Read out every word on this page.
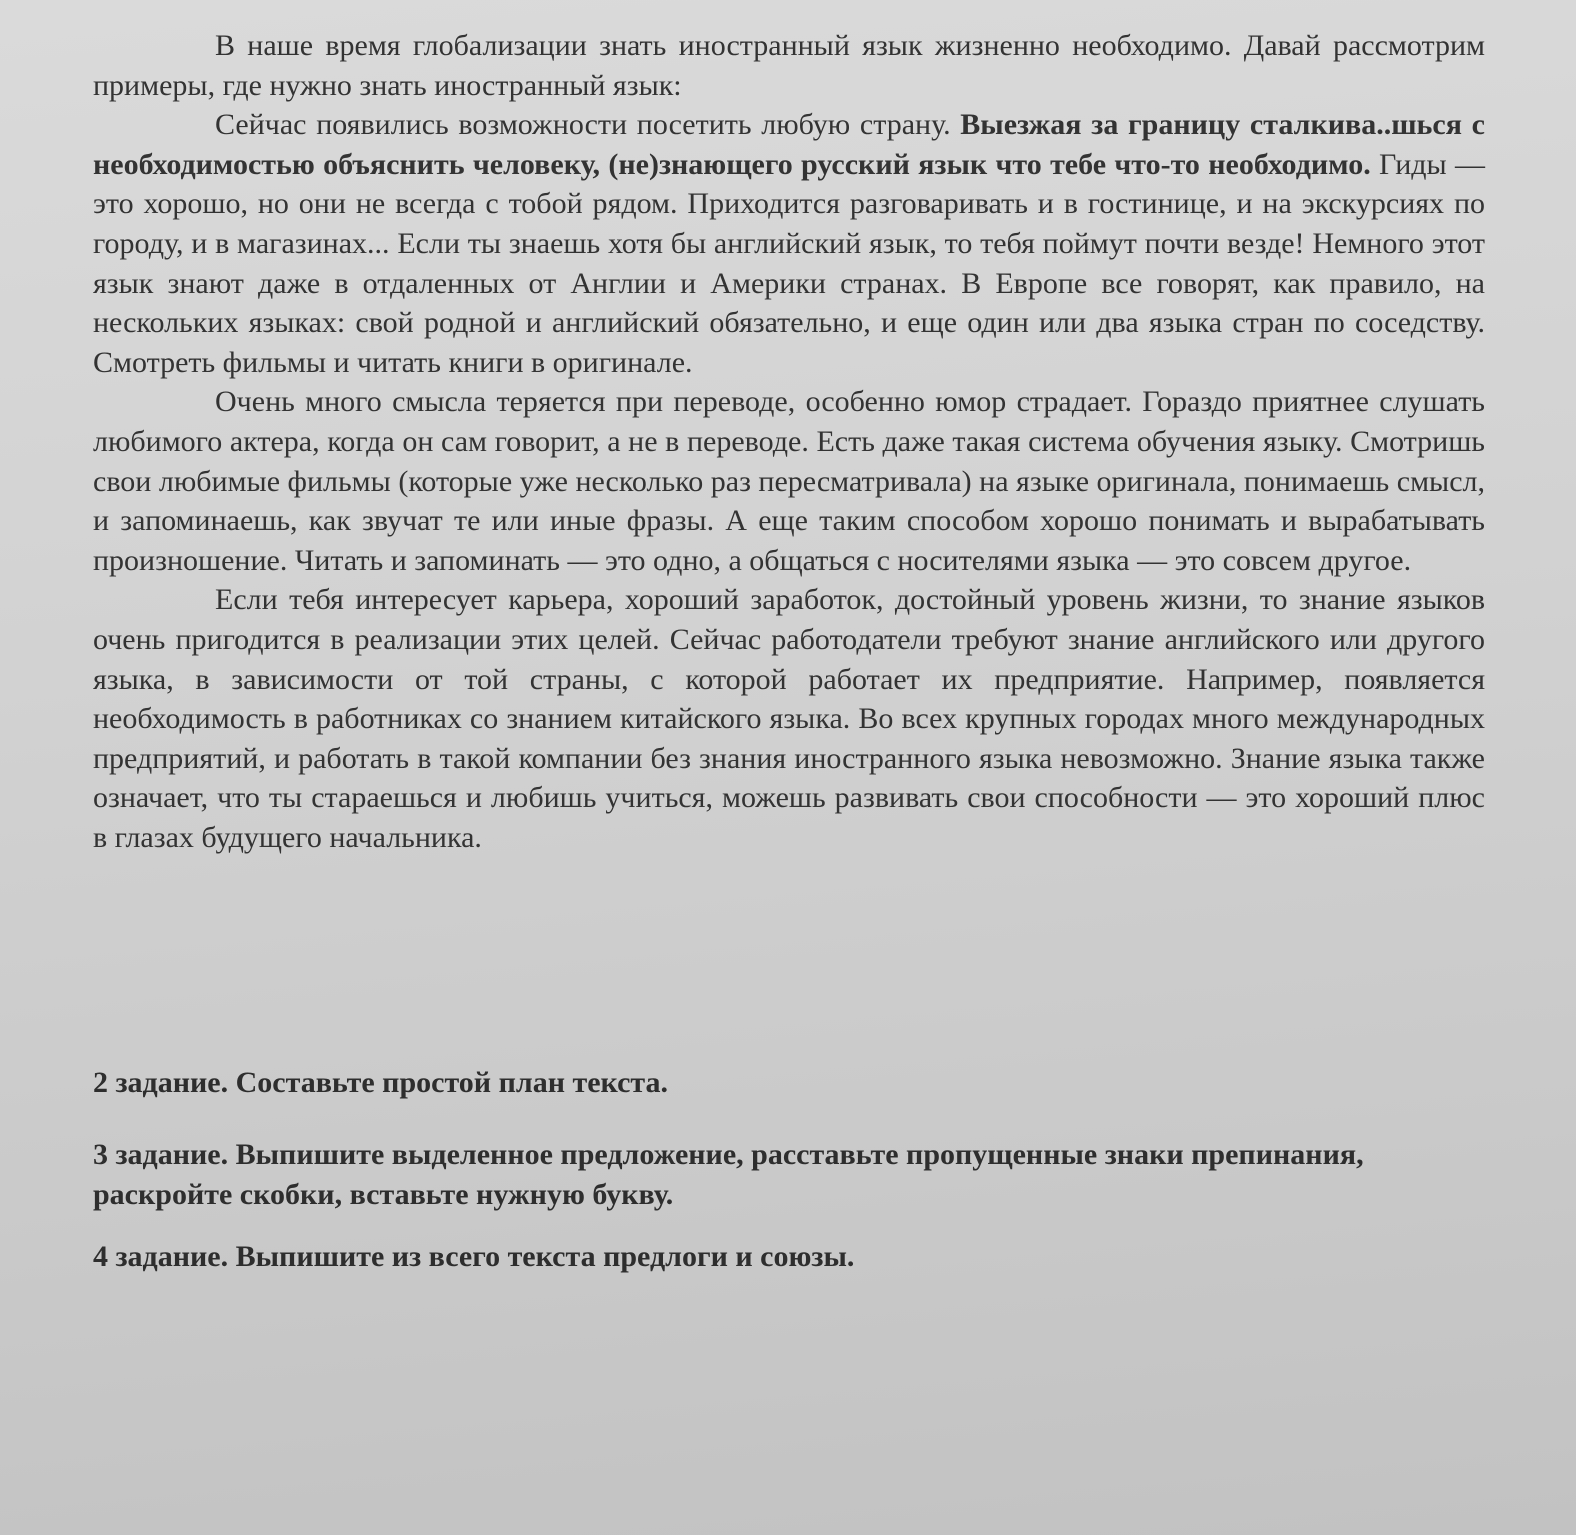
В наше время глобализации знать иностранный язык жизненно необходимо. Давай рассмотрим примеры, где нужно знать иностранный язык:

Сейчас появились возможности посетить любую страну. Выезжая за границу сталкива..шься с необходимостью объяснить человеку, (не)знающего русский язык что тебе что-то необходимо. Гиды — это хорошо, но они не всегда с тобой рядом. Приходится разговаривать и в гостинице, и на экскурсиях по городу, и в магазинах... Если ты знаешь хотя бы английский язык, то тебя поймут почти везде! Немного этот язык знают даже в отдаленных от Англии и Америки странах. В Европе все говорят, как правило, на нескольких языках: свой родной и английский обязательно, и еще один или два языка стран по соседству. Смотреть фильмы и читать книги в оригинале.

Очень много смысла теряется при переводе, особенно юмор страдает. Гораздо приятнее слушать любимого актера, когда он сам говорит, а не в переводе. Есть даже такая система обучения языку. Смотришь свои любимые фильмы (которые уже несколько раз пересматривала) на языке оригинала, понимаешь смысл, и запоминаешь, как звучат те или иные фразы. А еще таким способом хорошо понимать и вырабатывать произношение. Читать и запоминать — это одно, а общаться с носителями языка — это совсем другое.

Если тебя интересует карьера, хороший заработок, достойный уровень жизни, то знание языков очень пригодится в реализации этих целей. Сейчас работодатели требуют знание английского или другого языка, в зависимости от той страны, с которой работает их предприятие. Например, появляется необходимость в работниках со знанием китайского языка. Во всех крупных городах много международных предприятий, и работать в такой компании без знания иностранного языка невозможно. Знание языка также означает, что ты стараешься и любишь учиться, можешь развивать свои способности — это хороший плюс в глазах будущего начальника.

2 задание. Составьте простой план текста.

3 задание. Выпишите выделенное предложение, расставьте пропущенные знаки препинания, раскройте скобки, вставьте нужную букву.

4 задание. Выпишите из всего текста предлоги и союзы.
